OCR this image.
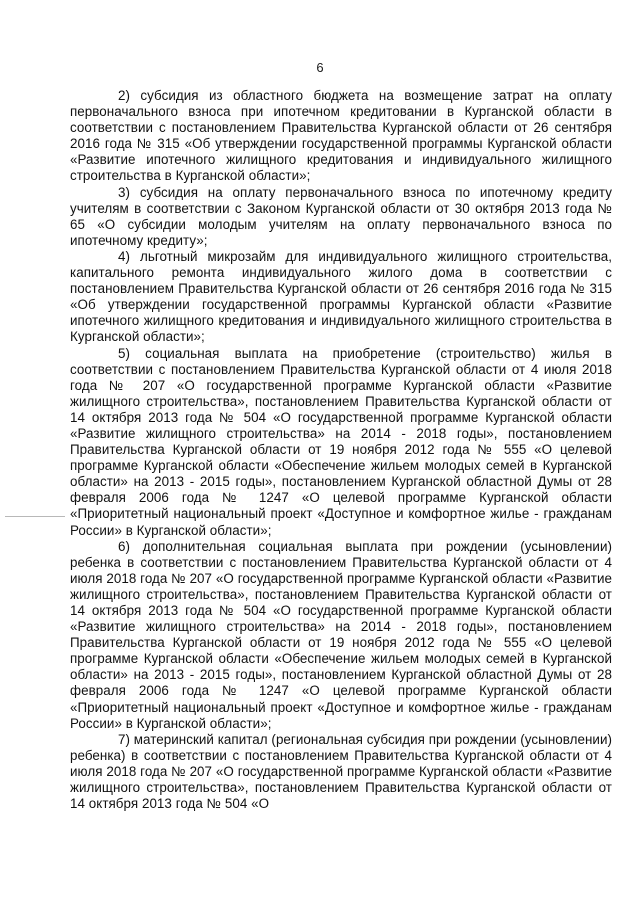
6

2) субсидия из областного бюджета на возмещение затрат на оплату первоначального взноса при ипотечном кредитовании в Курганской области в соответствии с постановлением Правительства Курганской области от 26 сентября 2016 года № 315 «Об утверждении государственной программы Курганской области «Развитие ипотечного жилищного кредитования и индивидуального жилищного строительства в Курганской области»;

3) субсидия на оплату первоначального взноса по ипотечному кредиту учителям в соответствии с Законом Курганской области от 30 октября 2013 года № 65 «О субсидии молодым учителям на оплату первоначального взноса по ипотечному кредиту»;

4) льготный микрозайм для индивидуального жилищного строительства, капитального ремонта индивидуального жилого дома в соответствии с постановлением Правительства Курганской области от 26 сентября 2016 года № 315 «Об утверждении государственной программы Курганской области «Развитие ипотечного жилищного кредитования и индивидуального жилищного строительства в Курганской области»;

5) социальная выплата на приобретение (строительство) жилья в соответствии с постановлением Правительства Курганской области от 4 июля 2018 года № 207 «О государственной программе Курганской области «Развитие жилищного строительства», постановлением Правительства Курганской области от 14 октября 2013 года № 504 «О государственной программе Курганской области «Развитие жилищного строительства» на 2014 - 2018 годы», постановлением Правительства Курганской области от 19 ноября 2012 года № 555 «О целевой программе Курганской области «Обеспечение жильем молодых семей в Курганской области» на 2013 - 2015 годы», постановлением Курганской областной Думы от 28 февраля 2006 года № 1247 «О целевой программе Курганской области «Приоритетный национальный проект «Доступное и комфортное жилье - гражданам России» в Курганской области»;

6) дополнительная социальная выплата при рождении (усыновлении) ребенка в соответствии с постановлением Правительства Курганской области от 4 июля 2018 года № 207 «О государственной программе Курганской области «Развитие жилищного строительства», постановлением Правительства Курганской области от 14 октября 2013 года № 504 «О государственной программе Курганской области «Развитие жилищного строительства» на 2014 - 2018 годы», постановлением Правительства Курганской области от 19 ноября 2012 года № 555 «О целевой программе Курганской области «Обеспечение жильем молодых семей в Курганской области» на 2013 - 2015 годы», постановлением Курганской областной Думы от 28 февраля 2006 года № 1247 «О целевой программе Курганской области «Приоритетный национальный проект «Доступное и комфортное жилье - гражданам России» в Курганской области»;

7) материнский капитал (региональная субсидия при рождении (усыновлении) ребенка) в соответствии с постановлением Правительства Курганской области от 4 июля 2018 года № 207 «О государственной программе Курганской области «Развитие жилищного строительства», постановлением Правительства Курганской области от 14 октября 2013 года № 504 «О
